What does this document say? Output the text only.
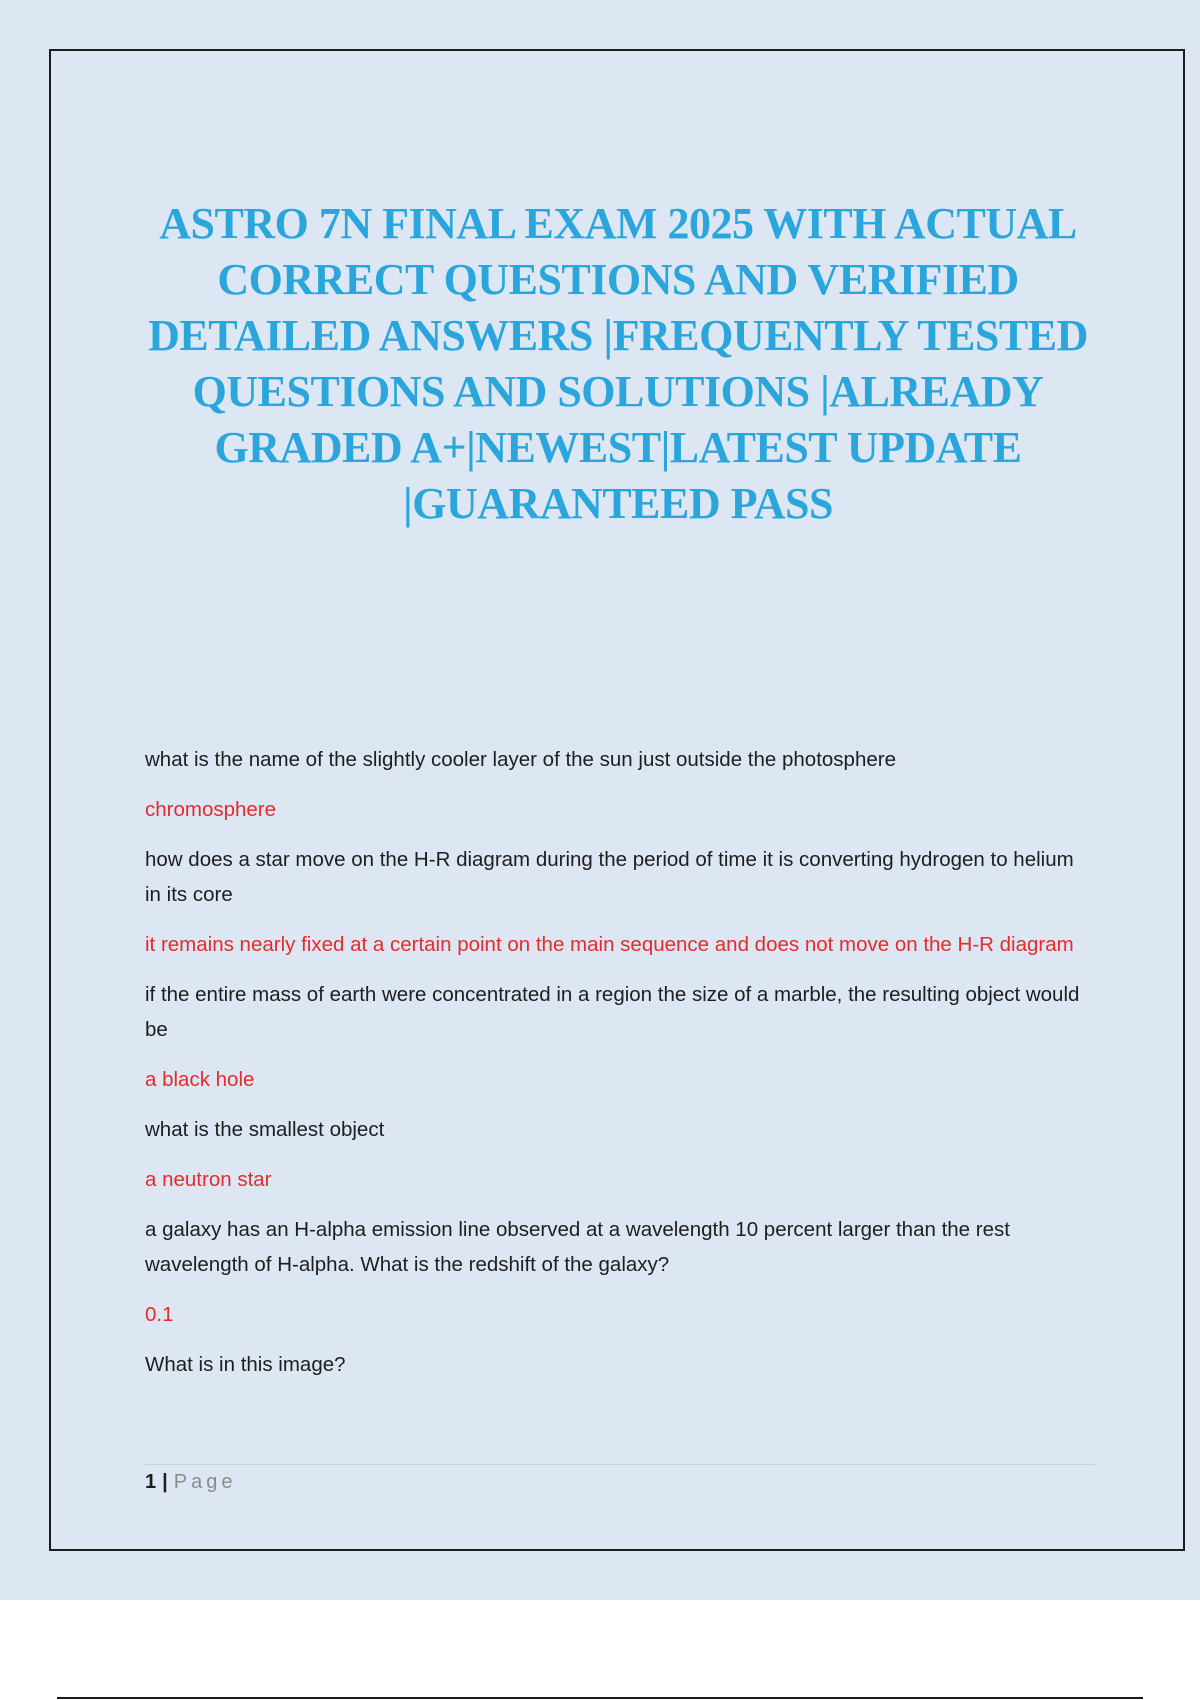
ASTRO 7N FINAL EXAM 2025 WITH ACTUAL CORRECT QUESTIONS AND VERIFIED DETAILED ANSWERS |FREQUENTLY TESTED QUESTIONS AND SOLUTIONS |ALREADY GRADED A+|NEWEST|LATEST UPDATE |GUARANTEED PASS

what is the name of the slightly cooler layer of the sun just outside the photosphere

chromosphere

how does a star move on the H-R diagram during the period of time it is converting hydrogen to helium in its core

it remains nearly fixed at a certain point on the main sequence and does not move on the H-R diagram

if the entire mass of earth were concentrated in a region the size of a marble, the resulting object would be

a black hole

what is the smallest object

a neutron star

a galaxy has an H-alpha emission line observed at a wavelength 10 percent larger than the rest wavelength of H-alpha. What is the redshift of the galaxy?

0.1

What is in this image?

1 | Page
